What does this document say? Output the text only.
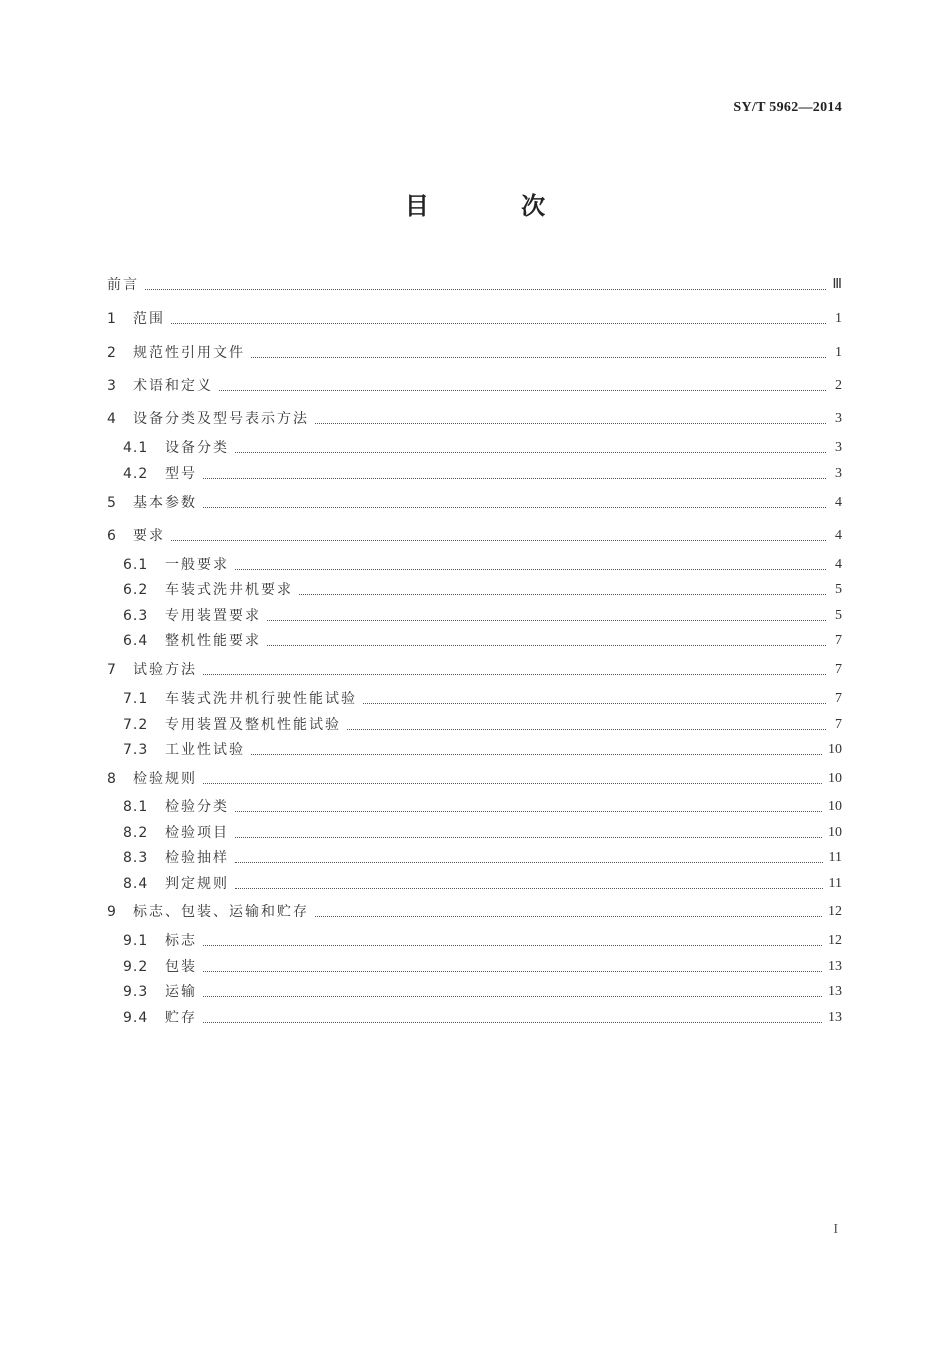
SY/T 5962—2014
目 次
前言	Ⅲ
1	范围	1
2	规范性引用文件	1
3	术语和定义	2
4	设备分类及型号表示方法	3
4.1	设备分类	3
4.2	型号	3
5	基本参数	4
6	要求	4
6.1	一般要求	4
6.2	车装式洗井机要求	5
6.3	专用装置要求	5
6.4	整机性能要求	7
7	试验方法	7
7.1	车装式洗井机行驶性能试验	7
7.2	专用装置及整机性能试验	7
7.3	工业性试验	10
8	检验规则	10
8.1	检验分类	10
8.2	检验项目	10
8.3	检验抽样	11
8.4	判定规则	11
9	标志、包装、运输和贮存	12
9.1	标志	12
9.2	包装	13
9.3	运输	13
9.4	贮存	13
I
